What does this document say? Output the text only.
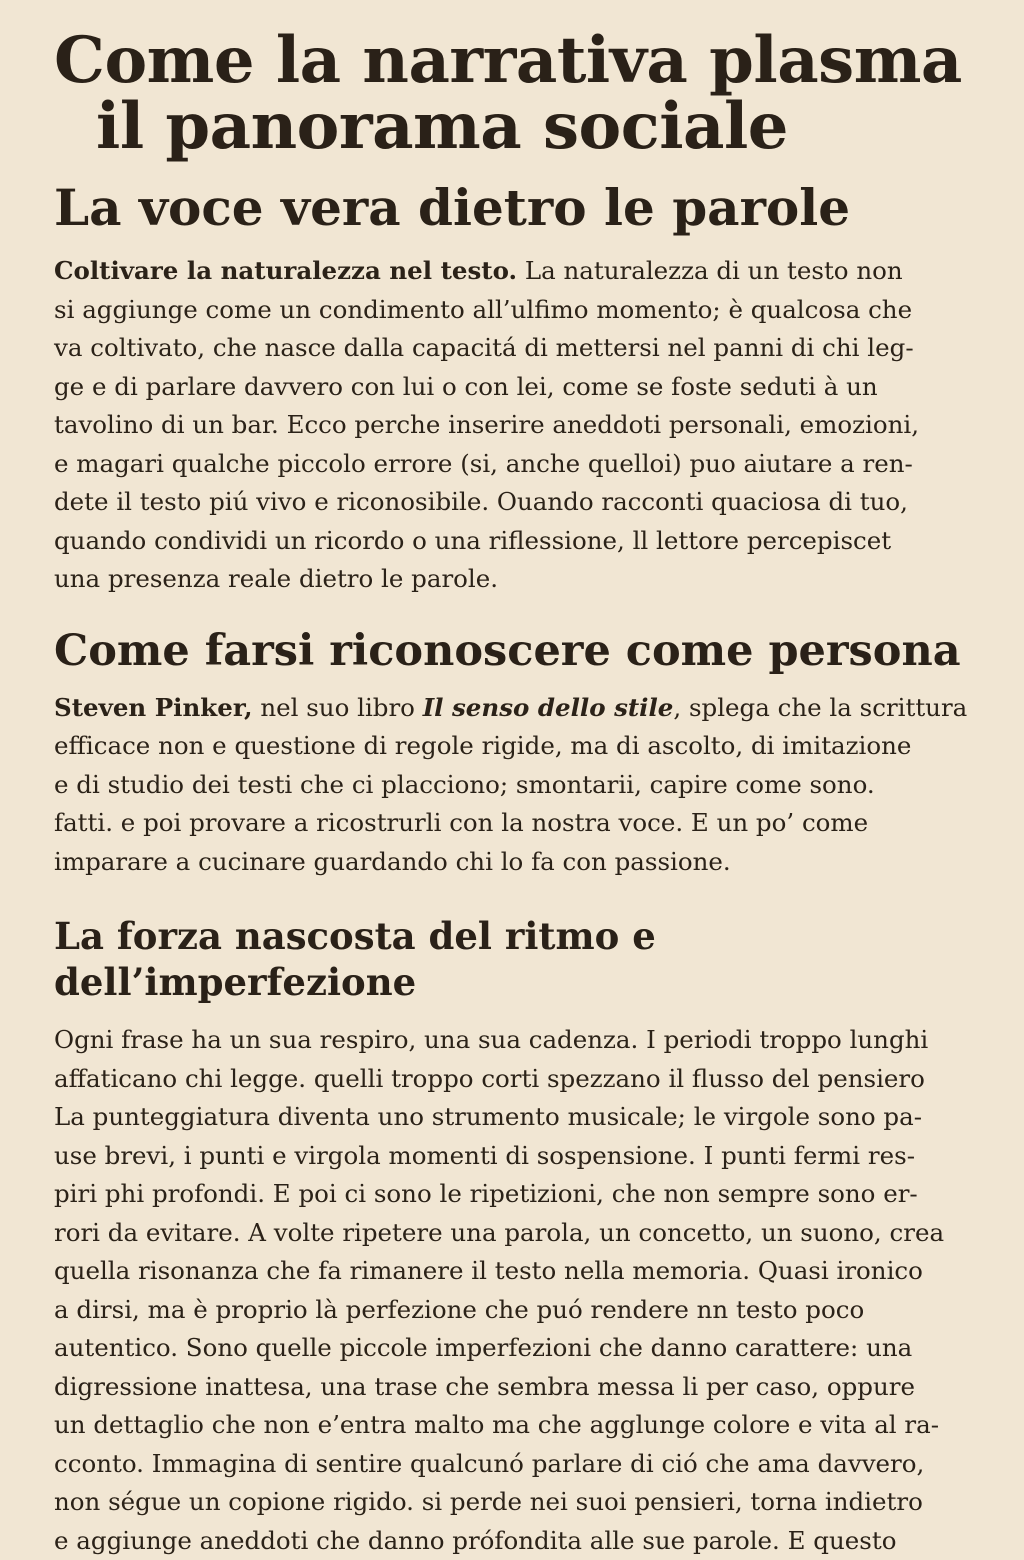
Come la narrativa plasma
il panorama sociale
La voce vera dietro le parole

Coltivare la naturalezza nel testo. La naturalezza di un testo non
si aggiunge come un condimento all’ulfimo momento; è qualcosa che
va coltivato, che nasce dalla capacitá di mettersi nel panni di chi leg-
ge e di parlare davvero con lui o con lei, come se foste seduti à un
tavolino di un bar. Ecco perche inserire aneddoti personali, emozioni,
e magari qualche piccolo errore (si, anche quelloi) puo aiutare a ren-
dete il testo piú vivo e riconosibile. Ouando racconti quaciosa di tuo,
quando condividi un ricordo o una riflessione, ll lettore percepiscet
una presenza reale dietro le parole.

Come farsi riconoscere come persona

Steven Pinker, nel suo libro Il senso dello stile, splega che la scrittura
efficace non e questione di regole rigide, ma di ascolto, di imitazione
e di studio dei testi che ci placciono; smontarii, capire come sono.
fatti. e poi provare a ricostrurli con la nostra voce. E un po’ come
imparare a cucinare guardando chi lo fa con passione.

La forza nascosta del ritmo e dell’imperfezione

Ogni frase ha un sua respiro, una sua cadenza. I periodi troppo lunghi
affaticano chi legge. quelli troppo corti spezzano il flusso del pensiero
La punteggiatura diventa uno strumento musicale; le virgole sono pa-
use brevi, i punti e virgola momenti di sospensione. I punti fermi res-
piri phi profondi. E poi ci sono le ripetizioni, che non sempre sono er-
rori da evitare. A volte ripetere una parola, un concetto, un suono, crea
quella risonanza che fa rimanere il testo nella memoria. Quasi ironico
a dirsi, ma è proprio là perfezione che puó rendere nn testo poco
autentico. Sono quelle piccole imperfezioni che danno carattere: una
digressione inattesa, una trase che sembra messa li per caso, oppure
un dettaglio che non e’entra malto ma che agglunge colore e vita al ra-
cconto. Immagina di sentire qualcunó parlare di ció che ama davvero,
non ségue un copione rigido. si perde nei suoi pensieri, torna indietro
e aggiunge aneddoti che danno prófondita alle sue parole. E questo
